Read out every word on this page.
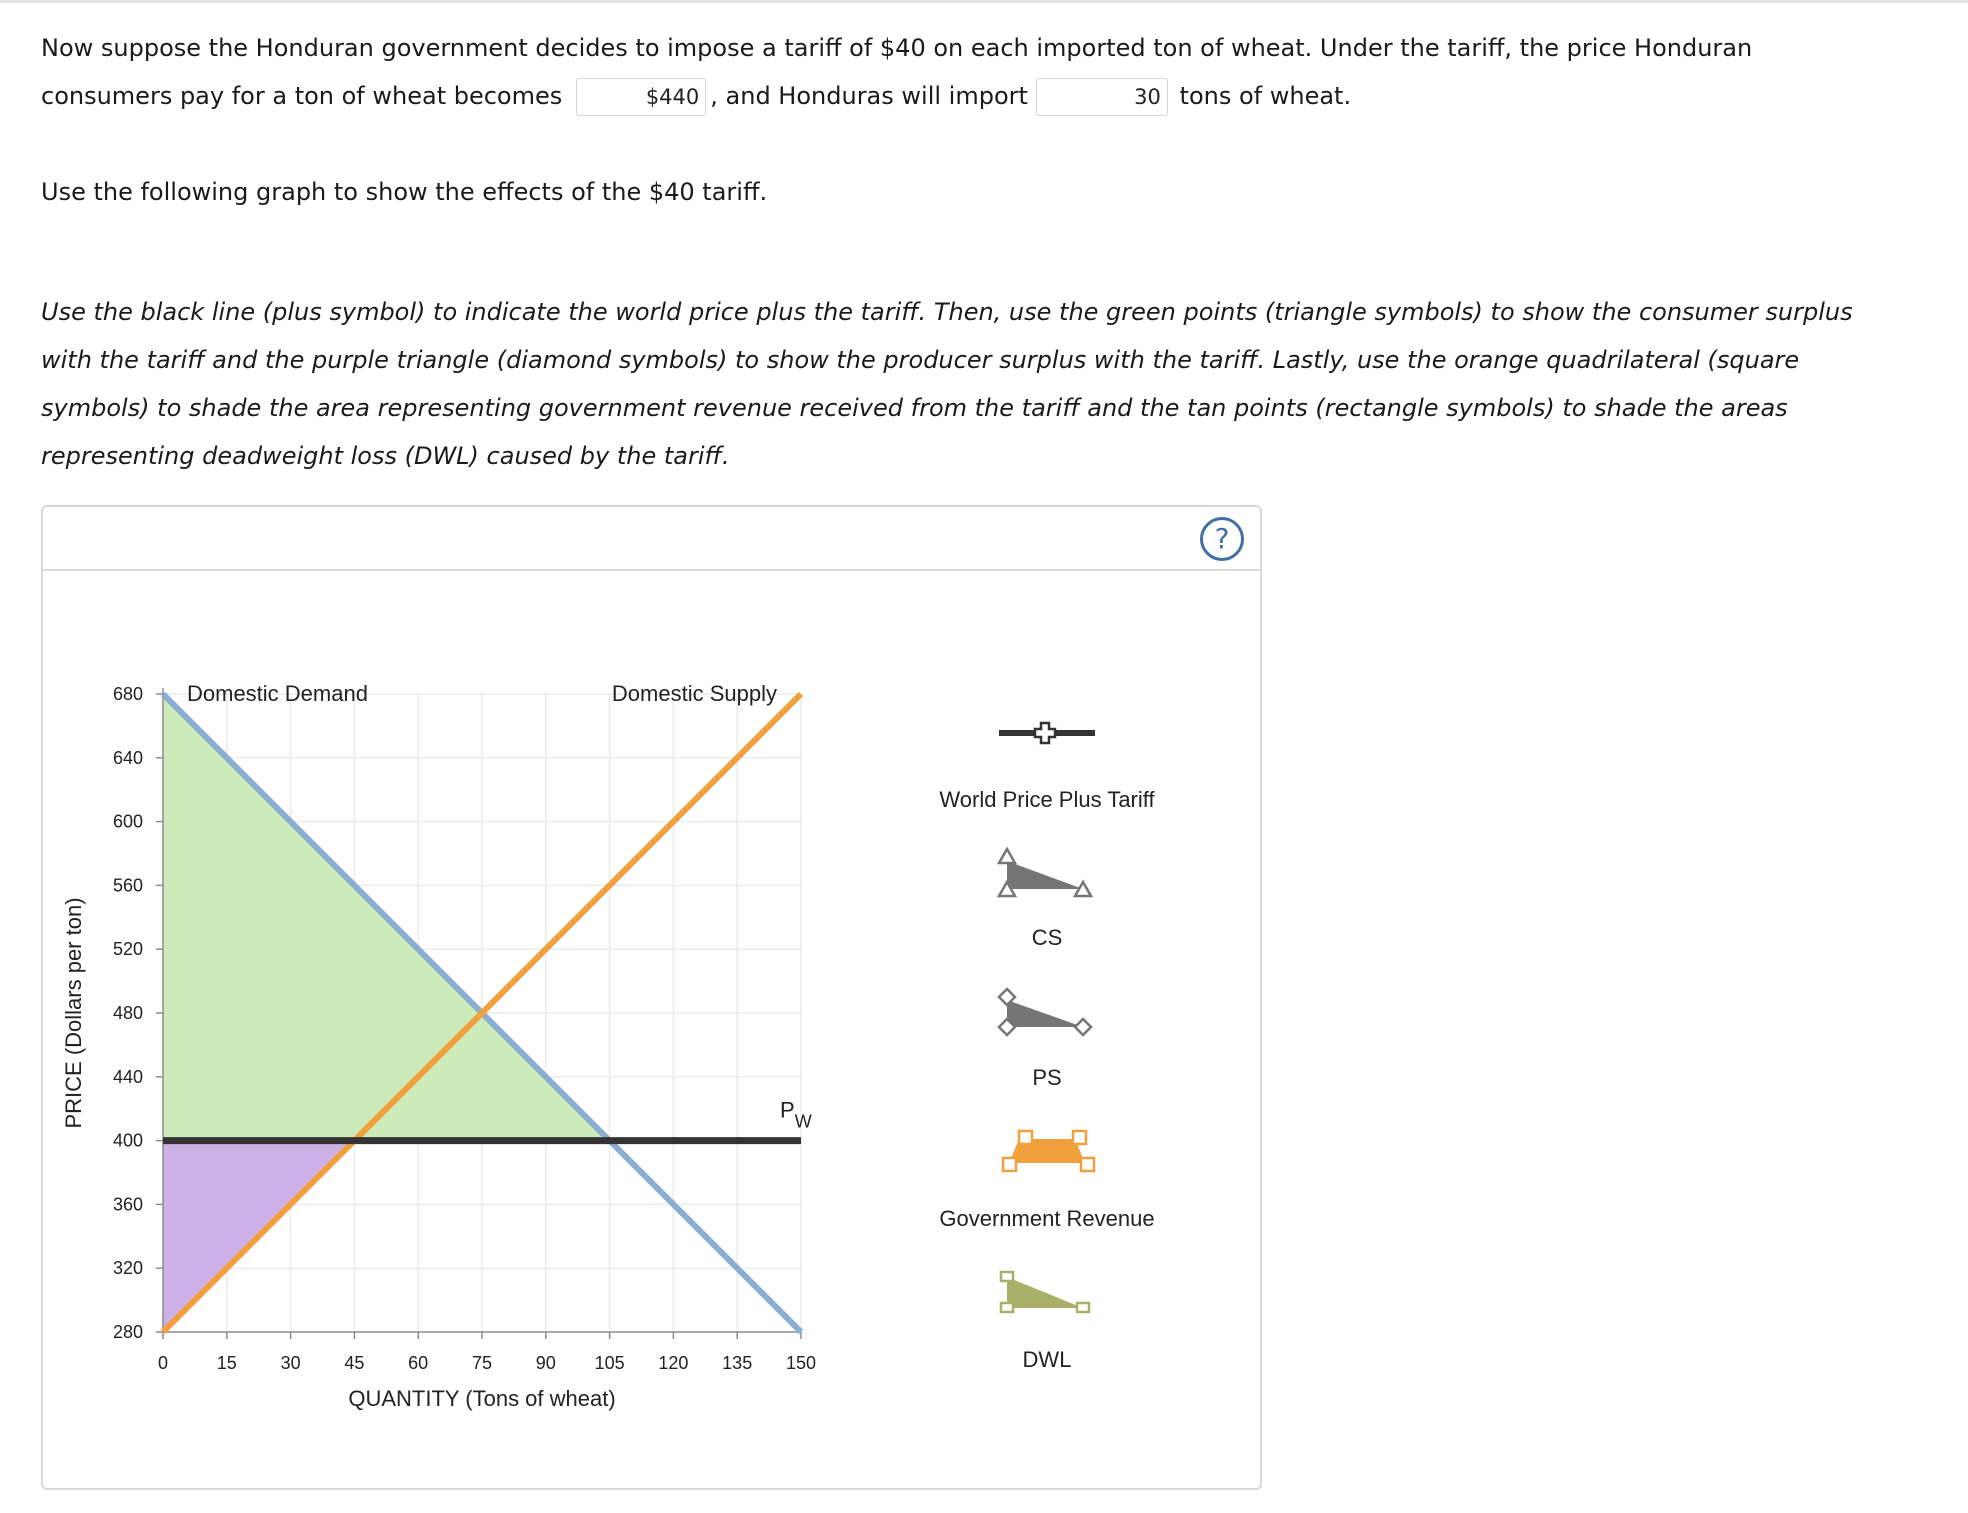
Now suppose the Honduran government decides to impose a tariff of $40 on each imported ton of wheat. Under the tariff, the price Honduran
consumers pay for a ton of wheat becomes	$440 , and Honduras will import	30 tons of wheat.
Use the following graph to show the effects of the $40 tariff.
Use the black line (plus symbol) to indicate the world price plus the tariff. Then, use the green points (triangle symbols) to show the consumer surplus
with the tariff and the purple triangle (diamond symbols) to show the producer surplus with the tariff. Lastly, use the orange quadrilateral (square
symbols) to shade the area representing government revenue received from the tariff and the tan points (rectangle symbols) to shade the areas
representing deadweight loss (DWL) caused by the tariff.
?
280
320
360
400
440
480
520
560
600
640
680
0	15 30 45 60 75 90 105 120 135 150
QUANTITY (Tons of wheat)
PRICE (Dollars per ton)
Domestic Demand	Domestic Supply
$P_W$
World Price Plus Tariff
CS
PS
Government Revenue
DWL
